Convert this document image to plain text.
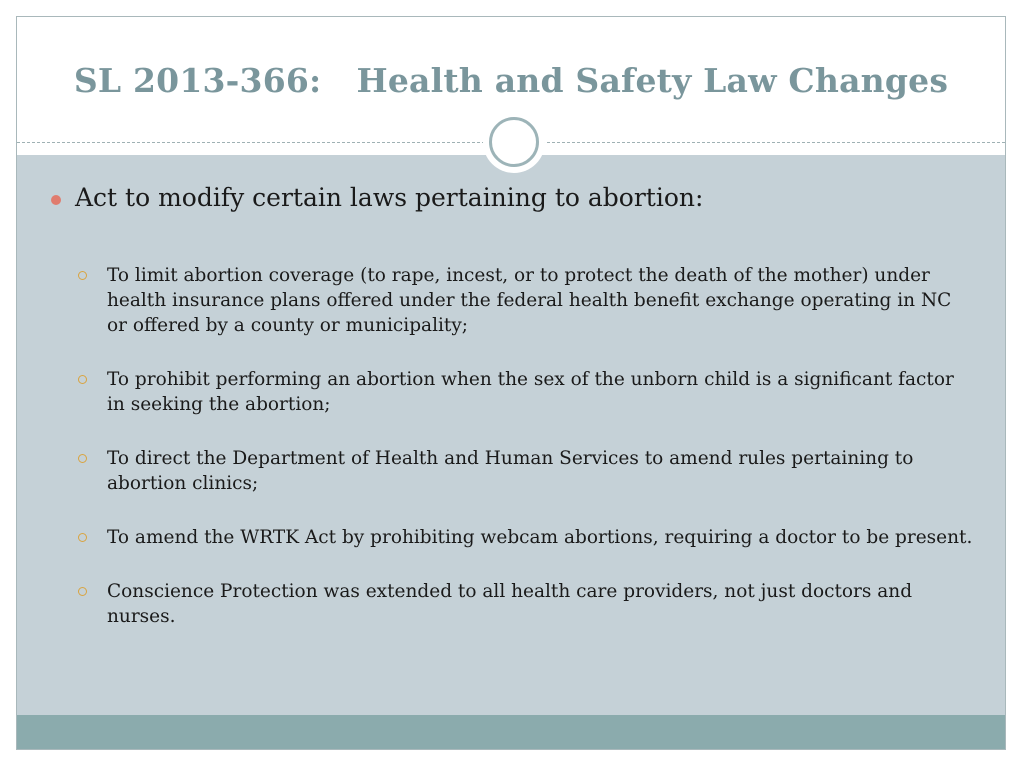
SL 2013-366:   Health and Safety Law Changes
Act to modify certain laws pertaining to abortion:
To limit abortion coverage (to rape, incest, or to protect the death of the mother) under health insurance plans offered under the federal health benefit exchange operating in NC or offered by a county or municipality;
To prohibit performing an abortion when the sex of the unborn child is a significant factor in seeking the abortion;
To direct the Department of Health and Human Services to amend rules pertaining to abortion clinics;
To amend the WRTK Act by prohibiting webcam abortions, requiring a doctor to be present.
Conscience Protection was extended to all health care providers, not just doctors and nurses.
